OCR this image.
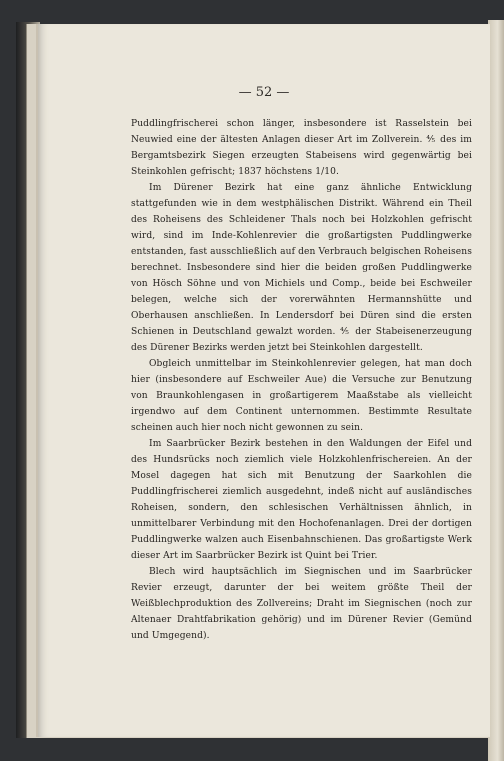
— 52 —

Puddlingfrischerei schon länger, insbesondere ist Rasselstein bei Neuwied eine der ältesten Anlagen dieser Art im Zollverein. ⅘ des im Bergamtsbezirk Siegen erzeugten Stabeisens wird gegenwärtig bei Steinkohlen gefrischt; 1837 höchstens 1/10.

Im Dürener Bezirk hat eine ganz ähnliche Entwicklung stattgefunden wie in dem westphälischen Distrikt. Während ein Theil des Roheisens des Schleidener Thals noch bei Holzkohlen gefrischt wird, sind im Inde-Kohlenrevier die großartigsten Puddlingwerke entstanden, fast ausschließlich auf den Verbrauch belgischen Roheisens berechnet. Insbesondere sind hier die beiden großen Puddlingwerke von Hösch Söhne und von Michiels und Comp., beide bei Eschweiler belegen, welche sich der vorerwähnten Hermannshütte und Oberhausen anschließen. In Lendersdorf bei Düren sind die ersten Schienen in Deutschland gewalzt worden. ⅘ der Stabeisenerzeugung des Dürener Bezirks werden jetzt bei Steinkohlen dargestellt.

Obgleich unmittelbar im Steinkohlenrevier gelegen, hat man doch hier (insbesondere auf Eschweiler Aue) die Versuche zur Benutzung von Braunkohlengasen in großartigerem Maaßstabe als vielleicht irgendwo auf dem Continent unternommen. Bestimmte Resultate scheinen auch hier noch nicht gewonnen zu sein.

Im Saarbrücker Bezirk bestehen in den Waldungen der Eifel und des Hundsrücks noch ziemlich viele Holzkohlenfrischereien. An der Mosel dagegen hat sich mit Benutzung der Saarkohlen die Puddlingfrischerei ziemlich ausgedehnt, indeß nicht auf ausländisches Roheisen, sondern, den schlesischen Verhältnissen ähnlich, in unmittelbarer Verbindung mit den Hochofenanlagen. Drei der dortigen Puddlingwerke walzen auch Eisenbahnschienen. Das großartigste Werk dieser Art im Saarbrücker Bezirk ist Quint bei Trier.

Blech wird hauptsächlich im Siegnischen und im Saarbrücker Revier erzeugt, darunter der bei weitem größte Theil der Weißblechproduktion des Zollvereins; Draht im Siegnischen (noch zur Altenaer Drahtfabrikation gehörig) und im Dürener Revier (Gemünd und Umgegend).
